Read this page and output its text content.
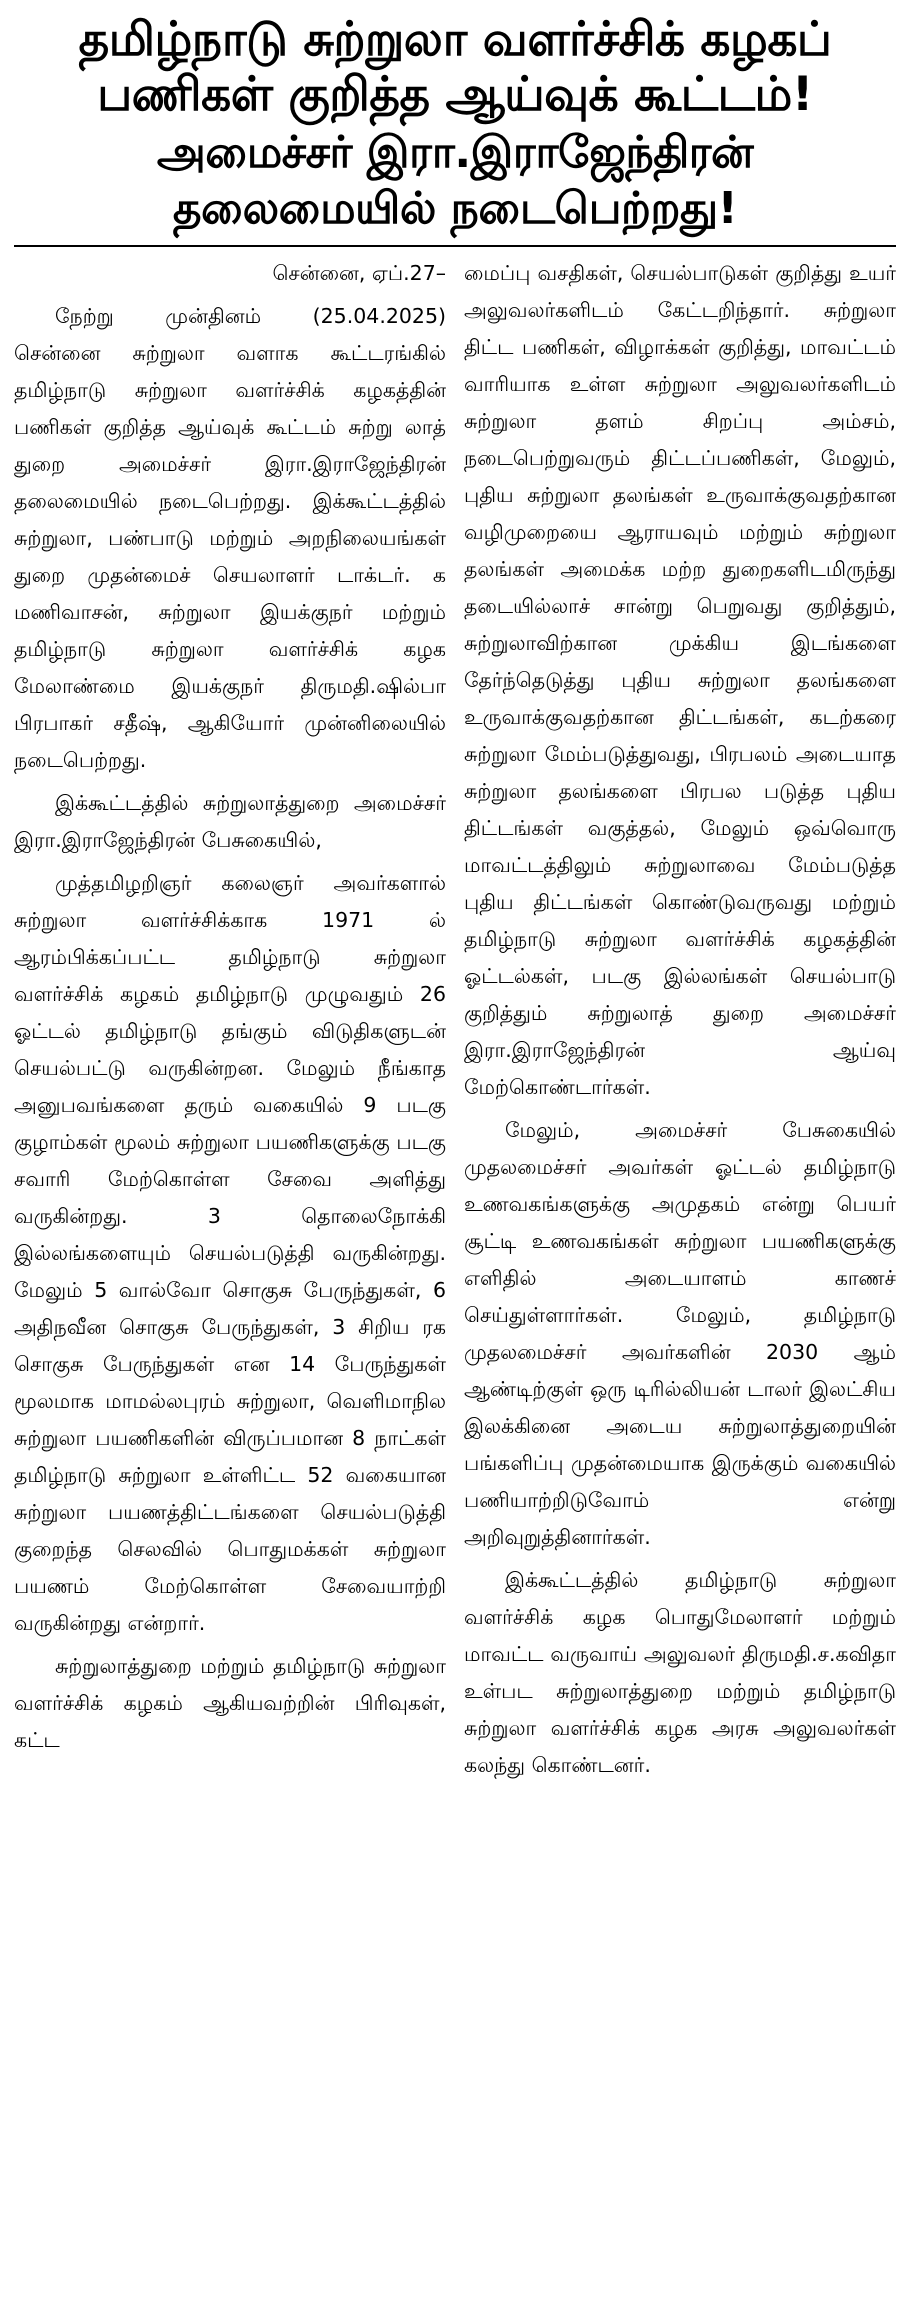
தமிழ்நாடு சுற்றுலா வளர்ச்சிக் கழகப்
பணிகள் குறித்த ஆய்வுக் கூட்டம்!
அமைச்சர் இரா.இராஜேந்திரன்
தலைமையில் நடைபெற்றது!

சென்னை, ஏப்.27–

நேற்று முன்தினம் (25.04.2025) சென்னை சுற்றுலா வளாக கூட்டரங்கில் தமிழ்நாடு சுற்றுலா வளர்ச்சிக் கழகத்தின் பணிகள் குறித்த ஆய்வுக் கூட்டம் சுற்று லாத் துறை அமைச்சர் இரா.இராஜேந்திரன் தலைமையில் நடைபெற்றது. இக்கூட்டத்தில் சுற்றுலா, பண்பாடு மற்றும் அறநிலையங்கள் துறை முதன்மைச் செயலாளர் டாக்டர். க மணிவாசன், சுற்றுலா இயக்குநர் மற்றும் தமிழ்நாடு சுற்றுலா வளர்ச்சிக் கழக மேலாண்மை இயக்குநர் திருமதி.ஷில்பா பிரபாகர் சதீஷ், ஆகியோர் முன்னிலையில் நடைபெற்றது.

இக்கூட்டத்தில் சுற்றுலாத்துறை அமைச்சர் இரா.இராஜேந்திரன் பேசுகையில்,

முத்தமிழறிஞர் கலைஞர் அவர்களால் சுற்றுலா வளர்ச்சிக்காக 1971 ல் ஆரம்பிக்கப்பட்ட தமிழ்நாடு சுற்றுலா வளர்ச்சிக் கழகம் தமிழ்நாடு முழுவதும் 26 ஓட்டல் தமிழ்நாடு தங்கும் விடுதிகளுடன் செயல்பட்டு வருகின்றன. மேலும் நீங்காத அனுபவங்களை தரும் வகையில் 9 படகு குழாம்கள் மூலம் சுற்றுலா பயணிகளுக்கு படகு சவாரி மேற்கொள்ள சேவை அளித்து வருகின்றது. 3 தொலைநோக்கி இல்லங்களையும் செயல்படுத்தி வருகின்றது. மேலும் 5 வால்வோ சொகுசு பேருந்துகள், 6 அதிநவீன சொகுசு பேருந்துகள், 3 சிறிய ரக சொகுசு பேருந்துகள் என 14 பேருந்துகள் மூலமாக மாமல்லபுரம் சுற்றுலா, வெளிமாநில சுற்றுலா பயணிகளின் விருப்பமான 8 நாட்கள் தமிழ்நாடு சுற்றுலா உள்ளிட்ட 52 வகையான சுற்றுலா பயணத்திட்டங்களை செயல்படுத்தி குறைந்த செலவில் பொதுமக்கள் சுற்றுலா பயணம் மேற்கொள்ள சேவையாற்றி வருகின்றது என்றார்.

சுற்றுலாத்துறை மற்றும் தமிழ்நாடு சுற்றுலா வளர்ச்சிக் கழகம் ஆகியவற்றின் பிரிவுகள், கட்ட

மைப்பு வசதிகள், செயல்பாடுகள் குறித்து உயர் அலுவலர்களிடம் கேட்டறிந்தார். சுற்றுலா திட்ட பணிகள், விழாக்கள் குறித்து, மாவட்டம் வாரியாக உள்ள சுற்றுலா அலுவலர்களிடம் சுற்றுலா தளம் சிறப்பு அம்சம், நடைபெற்றுவரும் திட்டப்பணிகள், மேலும், புதிய சுற்றுலா தலங்கள் உருவாக்குவதற்கான வழிமுறையை ஆராயவும் மற்றும் சுற்றுலா தலங்கள் அமைக்க மற்ற துறைகளிடமிருந்து தடையில்லாச் சான்று பெறுவது குறித்தும், சுற்றுலாவிற்கான முக்கிய இடங்களை தேர்ந்தெடுத்து புதிய சுற்றுலா தலங்களை உருவாக்குவதற்கான திட்டங்கள், கடற்கரை சுற்றுலா மேம்படுத்துவது, பிரபலம் அடையாத சுற்றுலா தலங்களை பிரபல படுத்த புதிய திட்டங்கள் வகுத்தல், மேலும் ஒவ்வொரு மாவட்டத்திலும் சுற்றுலாவை மேம்படுத்த புதிய திட்டங்கள் கொண்டுவருவது மற்றும் தமிழ்நாடு சுற்றுலா வளர்ச்சிக் கழகத்தின் ஓட்டல்கள், படகு இல்லங்கள் செயல்பாடு குறித்தும் சுற்றுலாத் துறை அமைச்சர் இரா.இராஜேந்திரன் ஆய்வு மேற்கொண்டார்கள்.

மேலும், அமைச்சர் பேசுகையில் முதலமைச்சர் அவர்கள் ஓட்டல் தமிழ்நாடு உணவகங்களுக்கு அமுதகம் என்று பெயர் சூட்டி உணவகங்கள் சுற்றுலா பயணிகளுக்கு எளிதில் அடையாளம் காணச் செய்துள்ளார்கள். மேலும், தமிழ்நாடு முதலமைச்சர் அவர்களின் 2030 ஆம் ஆண்டிற்குள் ஒரு டிரில்லியன் டாலர் இலட்சிய இலக்கினை அடைய சுற்றுலாத்துறையின் பங்களிப்பு முதன்மையாக இருக்கும் வகையில் பணியாற்றிடுவோம் என்று அறிவுறுத்தினார்கள்.

இக்கூட்டத்தில் தமிழ்நாடு சுற்றுலா வளர்ச்சிக் கழக பொதுமேலாளர் மற்றும் மாவட்ட வருவாய் அலுவலர் திருமதி.ச.கவிதா உள்பட சுற்றுலாத்துறை மற்றும் தமிழ்நாடு சுற்றுலா வளர்ச்சிக் கழக அரசு அலுவலர்கள் கலந்து கொண்டனர்.
